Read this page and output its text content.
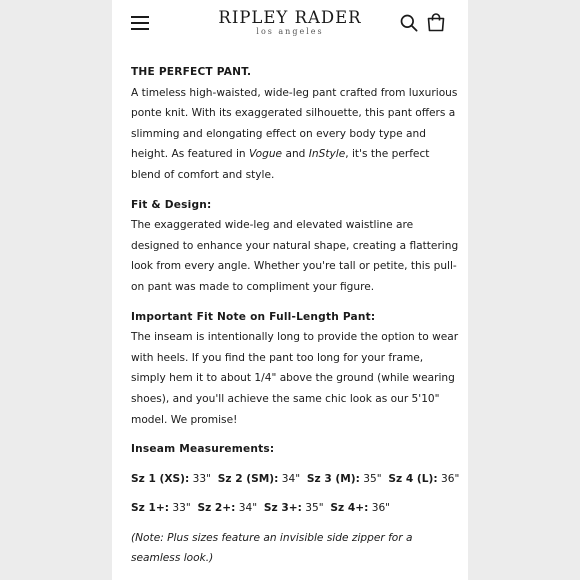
RIPLEY RADER
los angeles

THE PERFECT PANT.

A timeless high-waisted, wide-leg pant crafted from luxurious ponte knit. With its exaggerated silhouette, this pant offers a slimming and elongating effect on every body type and height. As featured in Vogue and InStyle, it's the perfect blend of comfort and style.

Fit & Design:

The exaggerated wide-leg and elevated waistline are designed to enhance your natural shape, creating a flattering look from every angle. Whether you're tall or petite, this pull-on pant was made to compliment your figure.

Important Fit Note on Full-Length Pant:

The inseam is intentionally long to provide the option to wear with heels. If you find the pant too long for your frame, simply hem it to about 1/4" above the ground (while wearing shoes), and you'll achieve the same chic look as our 5'10" model. We promise!

Inseam Measurements:

Sz 1 (XS): 33" Sz 2 (SM): 34" Sz 3 (M): 35" Sz 4 (L): 36"

Sz 1+: 33" Sz 2+: 34" Sz 3+: 35" Sz 4+: 36"

(Note: Plus sizes feature an invisible side zipper for a seamless look.)
